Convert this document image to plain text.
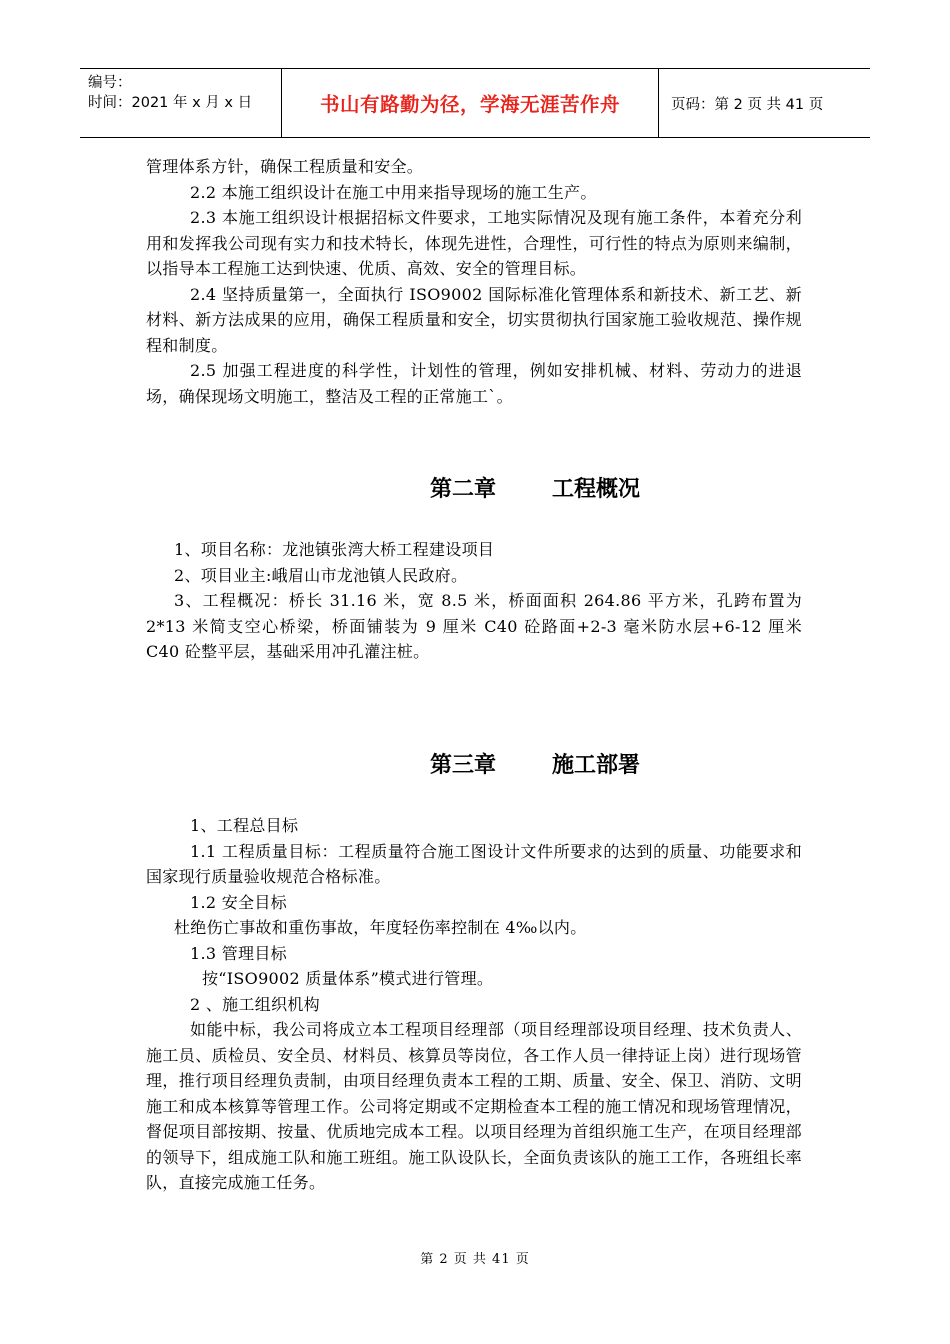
编号：
时间：2021 年 x 月 x 日	书山有路勤为径，学海无涯苦作舟	页码：第 2 页 共 41 页

管理体系方针，确保工程质量和安全。

2.2 本施工组织设计在施工中用来指导现场的施工生产。

2.3 本施工组织设计根据招标文件要求，工地实际情况及现有施工条件，本着充分利用和发挥我公司现有实力和技术特长，体现先进性，合理性，可行性的特点为原则来编制，以指导本工程施工达到快速、优质、高效、安全的管理目标。

2.4 坚持质量第一，全面执行 ISO9002 国际标准化管理体系和新技术、新工艺、新材料、新方法成果的应用，确保工程质量和安全，切实贯彻执行国家施工验收规范、操作规程和制度。

2.5 加强工程进度的科学性，计划性的管理，例如安排机械、材料、劳动力的进退场，确保现场文明施工，整洁及工程的正常施工`。

第二章	工程概况

1、项目名称：龙池镇张湾大桥工程建设项目

2、项目业主:峨眉山市龙池镇人民政府。

3、工程概况：桥长 31.16 米，宽 8.5 米，桥面面积 264.86 平方米，孔跨布置为 2*13 米简支空心桥梁，桥面铺装为 9 厘米 C40 砼路面+2-3 毫米防水层+6-12 厘米 C40 砼整平层，基础采用冲孔灌注桩。

第三章	施工部署

1、工程总目标

1.1 工程质量目标：工程质量符合施工图设计文件所要求的达到的质量、功能要求和国家现行质量验收规范合格标准。

1.2 安全目标

杜绝伤亡事故和重伤事故，年度轻伤率控制在 4‰以内。

1.3 管理目标

按“ISO9002 质量体系”模式进行管理。

2 、施工组织机构

如能中标，我公司将成立本工程项目经理部（项目经理部设项目经理、技术负责人、施工员、质检员、安全员、材料员、核算员等岗位，各工作人员一律持证上岗）进行现场管理，推行项目经理负责制，由项目经理负责本工程的工期、质量、安全、保卫、消防、文明施工和成本核算等管理工作。公司将定期或不定期检查本工程的施工情况和现场管理情况，督促项目部按期、按量、优质地完成本工程。以项目经理为首组织施工生产，在项目经理部的领导下，组成施工队和施工班组。施工队设队长，全面负责该队的施工工作，各班组长率队，直接完成施工任务。

第 2 页 共 41 页
